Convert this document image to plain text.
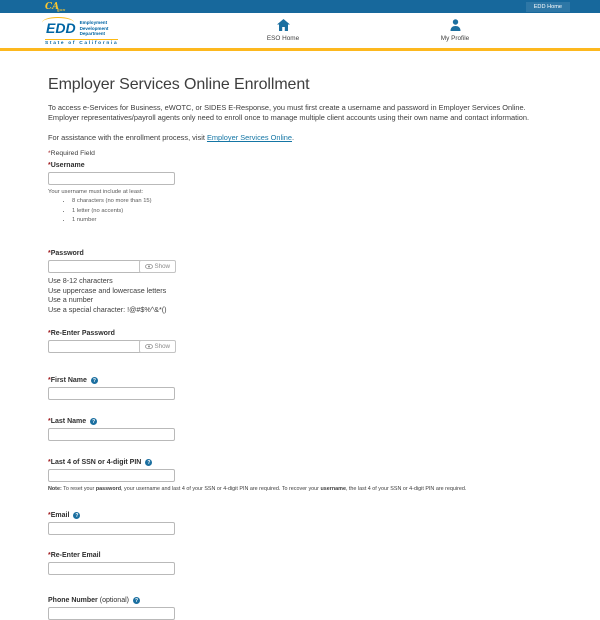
$CA_{gov}$	EDD Home
EDD Employment
Development
Department
State of California
ESO Home	My Profile
Employer Services Online Enrollment

To access e-Services for Business, eWOTC, or SIDES E-Response, you must first create a username and password in Employer Services Online. Employer representatives/payroll agents only need to enroll once to manage multiple client accounts using their own name and contact information.

For assistance with the enrollment process, visit Employer Services Online.

*Required Field

* Username
Your username must include at least:
• 8 characters (no more than 15)
• 1 letter (no accents)
• 1 number
* Password
Show
Use 8-12 characters
Use uppercase and lowercase letters
Use a number
Use a special character: !@#$%^&*()
* Re-Enter Password
Show
* First Name	?
* Last Name	?
* Last 4 of SSN or 4-digit PIN	?

Note: To reset your password, your username and last 4 of your SSN or 4-digit PIN are required. To recover your username, the last 4 of your SSN or 4-digit PIN are required.

* Email	?
* Re-Enter Email
Phone Number (optional)	?
